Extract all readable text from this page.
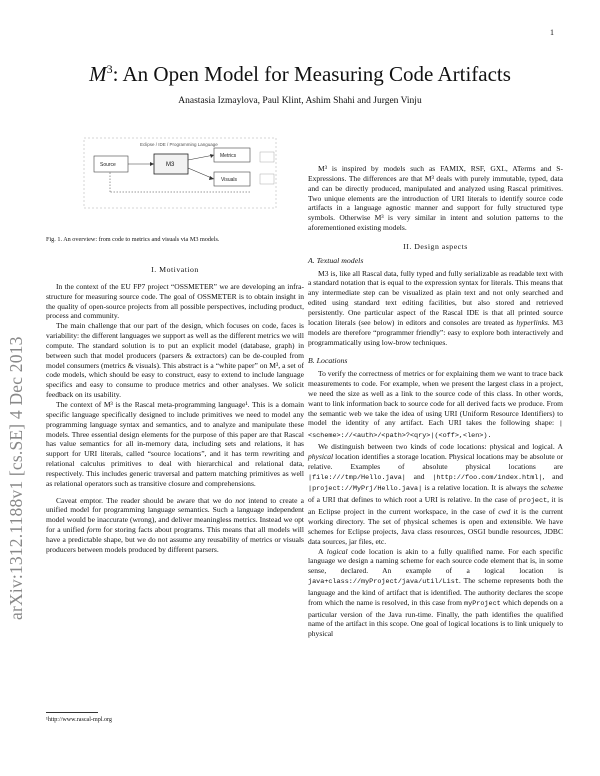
1
arXiv:1312.1188v1 [cs.SE] 4 Dec 2013
$M^3$: An Open Model for Measuring Code Artifacts
Anastasia Izmaylova, Paul Klint, Ashim Shahi and Jurgen Vinju
Eclipse / IDE / Programming Language
Source	M3
Metrics
Visuals

Fig. 1. An overview: from code to metrics and visuals via M3 models.

I. Motivation

In the context of the EU FP7 project “OSSMETER” we are developing an infra-structure for measuring source code. The goal of OSSMETER is to obtain insight in the quality of open-source projects from all possible perspectives, including product, process and community.

The main challenge that our part of the design, which focuses on code, faces is variability: the different languages we support as well as the different metrics we will compute. The standard solution is to put an explicit model (database, graph) in between such that model producers (parsers & extractors) can be de-coupled from model consumers (metrics & visuals). This abstract is a “white paper” on M³, a set of code models, which should be easy to construct, easy to extend to include language specifics and easy to consume to produce metrics and other analyses. We solicit feedback on its usability.

The context of M³ is the Rascal meta-programming language¹. This is a domain specific language specifically designed to include primitives we need to model any programming language syntax and semantics, and to analyze and manipulate these models. Three essential design elements for the purpose of this paper are that Rascal has value semantics for all in-memory data, including sets and relations, it has support for URI literals, called “source locations”, and it has term rewriting and relational calculus primitives to deal with hierarchical and relational data, respectively. This includes generic traversal and pattern matching primitives as well as relational operators such as transitive closure and comprehensions.

Caveat emptor. The reader should be aware that we do not intend to create a unified model for programming language semantics. Such a language independent model would be inaccurate (wrong), and deliver meaningless metrics. Instead we opt for a unified form for storing facts about programs. This means that all models will have a predictable shape, but we do not assume any reusability of metrics or visuals producers between models produced by different parsers.

¹http://www.rascal-mpl.org

M³ is inspired by models such as FAMIX, RSF, GXL, ATerms and S-Expressions. The differences are that M³ deals with purely immutable, typed, data and can be directly produced, manipulated and analyzed using Rascal primitives. Two unique elements are the introduction of URI literals to identify source code artifacts in a language agnostic manner and support for fully structured type symbols. Otherwise M³ is very similar in intent and solution patterns to the aforementioned existing models.

II. Design aspects

A. Textual models

M3 is, like all Rascal data, fully typed and fully serializable as readable text with a standard notation that is equal to the expression syntax for literals. This means that any intermediate step can be visualized as plain text and not only searched and edited using standard text editing facilities, but also stored and retrieved persistently. One particular aspect of the Rascal IDE is that all printed source location literals (see below) in editors and consoles are treated as hyperlinks. M3 models are therefore “programmer friendly”: easy to explore both interactively and programmatically using low-brow techniques.

B. Locations

To verify the correctness of metrics or for explaining them we want to trace back measurements to code. For example, when we present the largest class in a project, we need the size as well as a link to the source code of this class. In other words, want to link information back to source code for all derived facts we produce. From the semantic web we take the idea of using URI (Uniform Resource Identifiers) to model the identity of any artifact. Each URI takes the following shape: |<scheme>://<auth>/<path>?<qry>|(<off>,<len>).

We distinguish between two kinds of code locations: physical and logical. A physical location identifies a storage location. Physical locations may be absolute or relative. Examples of absolute physical locations are |file:///tmp/Hello.java| and |http://foo.com/index.html|, and |project://MyPrj/Hello.java| is a relative location. It is always the scheme of a URI that defines to which root a URI is relative. In the case of project, it is an Eclipse project in the current workspace, in the case of cwd it is the current working directory. The set of physical schemes is open and extensible. We have schemes for Eclipse projects, Java class resources, OSGI bundle resources, JDBC data sources, jar files, etc.

A logical code location is akin to a fully qualified name. For each specific language we design a naming scheme for each source code element that is, in some sense, declared. An example of a logical location is java+class://myProject/java/util/List. The scheme represents both the language and the kind of artifact that is identified. The authority declares the scope from which the name is resolved, in this case from myProject which depends on a particular version of the Java run-time. Finally, the path identifies the qualified name of the artifact in this scope. One goal of logical locations is to link uniquely to physical
